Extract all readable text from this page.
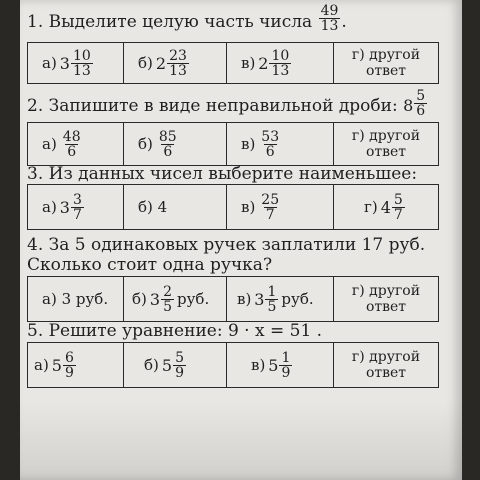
1. Выделите целую часть числа $\frac{49}{13}$ .
а) $3 \frac{10}{13}$	б) $2 \frac{23}{13}$	в) $2 \frac{10}{13}$	г) другой
ответ
2. Запишите в виде неправильной дроби: $8 \frac{5}{6}$
$а) \frac{48}{6}$	$б) \frac{85}{6}$	$в) \frac{53}{6}$	г) другой
ответ
3. Из данных чисел выберите наименьшее:
а) $3 \frac{3}{7}$	б) 4	$в) \frac{25}{7}$	г) $4 \frac{5}{7}$
4. За 5 одинаковых ручек заплатили 17 руб.
Сколько стоит одна ручка?
а) 3 руб. б) $3 \frac{2}{5}$ руб. в) $3 \frac{1}{5}$ руб.	г) другой
ответ
5. Решите уравнение: 9 · x = 51 .
а) $5 \frac{6}{9}$	б) $5 \frac{5}{9}$	в) $5 \frac{1}{9}$	г) другой
ответ
